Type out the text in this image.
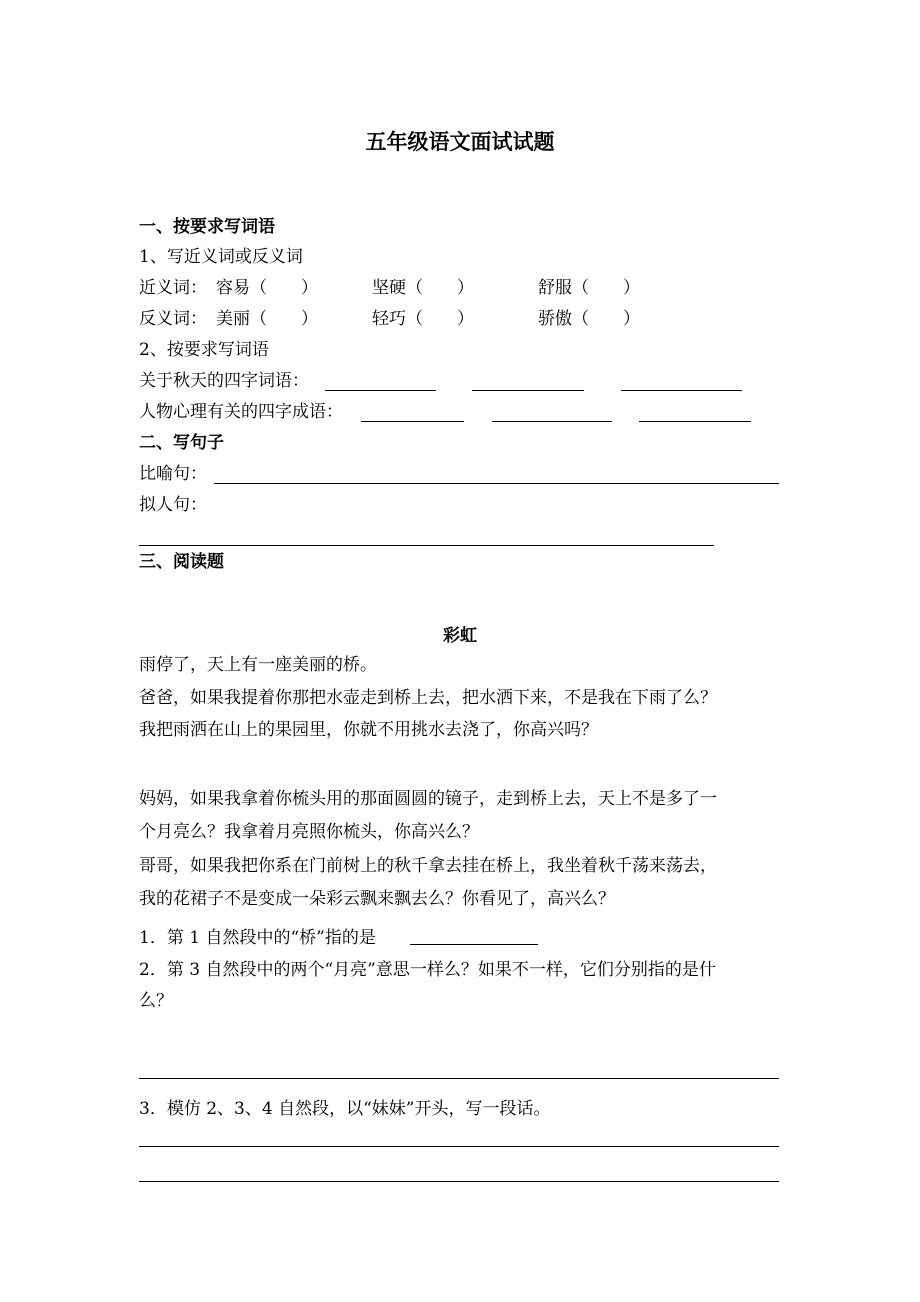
五年级语文面试试题
一、按要求写词语
1、写近义词或反义词
近义词： 容易（　　）	坚硬（　　）	舒服（　　）
反义词： 美丽（　　）	轻巧（　　）	骄傲（　　）
2、按要求写词语
关于秋天的四字词语：
人物心理有关的四字成语：
二、写句子
比喻句：
拟人句：
三、阅读题
彩虹
雨停了，天上有一座美丽的桥。
爸爸，如果我提着你那把水壶走到桥上去，把水洒下来，不是我在下雨了么？
我把雨洒在山上的果园里，你就不用挑水去浇了，你高兴吗？
妈妈，如果我拿着你梳头用的那面圆圆的镜子，走到桥上去，天上不是多了一
个月亮么？我拿着月亮照你梳头，你高兴么？
哥哥，如果我把你系在门前树上的秋千拿去挂在桥上，我坐着秋千荡来荡去，
我的花裙子不是变成一朵彩云飘来飘去么？你看见了，高兴么？
1．第 1 自然段中的“桥”指的是
2．第 3 自然段中的两个“月亮”意思一样么？如果不一样，它们分别指的是什
么？
3．模仿 2、3、4 自然段，以“妹妹”开头，写一段话。
